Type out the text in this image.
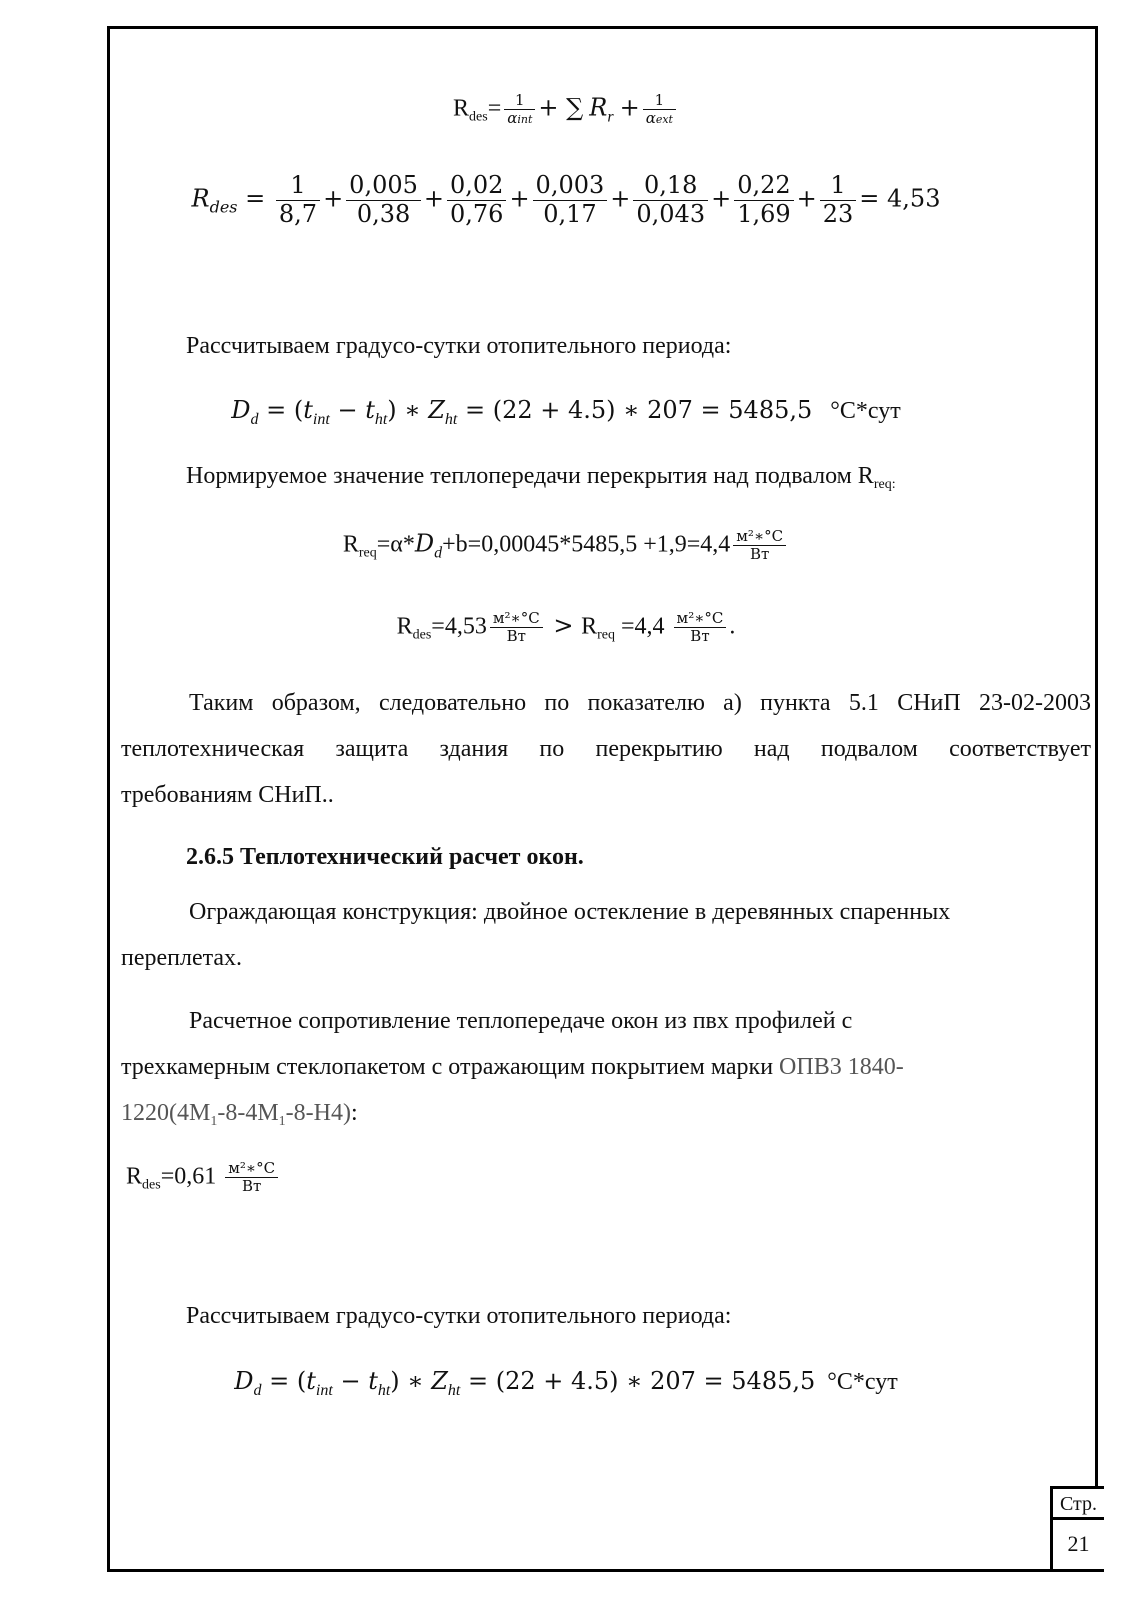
$R_{des}= \frac{1}{\text{αint}}$ + ∑ $R_r + \frac{1}{\text{αext}}$
$R_{des} = \frac{1}{8,7} + \frac{0,005}{0,38} + \frac{0,02}{0,76} + \frac{0,003}{0,17} + \frac{0,18}{0,043} + \frac{0,22}{1,69} + \frac{1}{23} = 4,53$
Рассчитываем градусо-сутки отопительного периода:
$D_d = (t_{int} - t_{ht})$ ∗ $Z_{ht} = (22 + 4.5)$ ∗ 207 = 5485,5 °С*сут
Нормируемое значение теплопередачи перекрытия над подвалом $R_{req:}$
$R_{req}=\alpha*D_d+b=0,00045*5485,5 +1,9=4,4 \frac{\text{м²∗°С}}{Вт}$
$R_{des}=4,53 \frac{\text{м²∗°С}}{Вт} > R_{req} =4,4 \frac{\text{м²∗°С}}{Вт}$ .
Таким образом, следовательно по показателю а) пункта 5.1 СНиП 23-02-2003
теплотехническая защита здания по перекрытию над подвалом соответствует
требованиям СНиП..
2.6.5 Теплотехнический расчет окон.
Ограждающая конструкция: двойное остекление в деревянных спаренных
переплетах.
Расчетное сопротивление теплопередаче окон из пвх профилей с
трехкамерным стеклопакетом с отражающим покрытием марки ОПВ3 1840-
$1220(4М_1-8-4М_1-8-Н4)$:
$R_{des}=0,61 \frac{\text{м²∗°С}}{Вт}$
Рассчитываем градусо-сутки отопительного периода:
$D_d = (t_{int} - t_{ht})$ ∗ $Z_{ht} = (22 + 4.5)$ ∗ 207 = 5485,5 °С*сут
Стр.
21
